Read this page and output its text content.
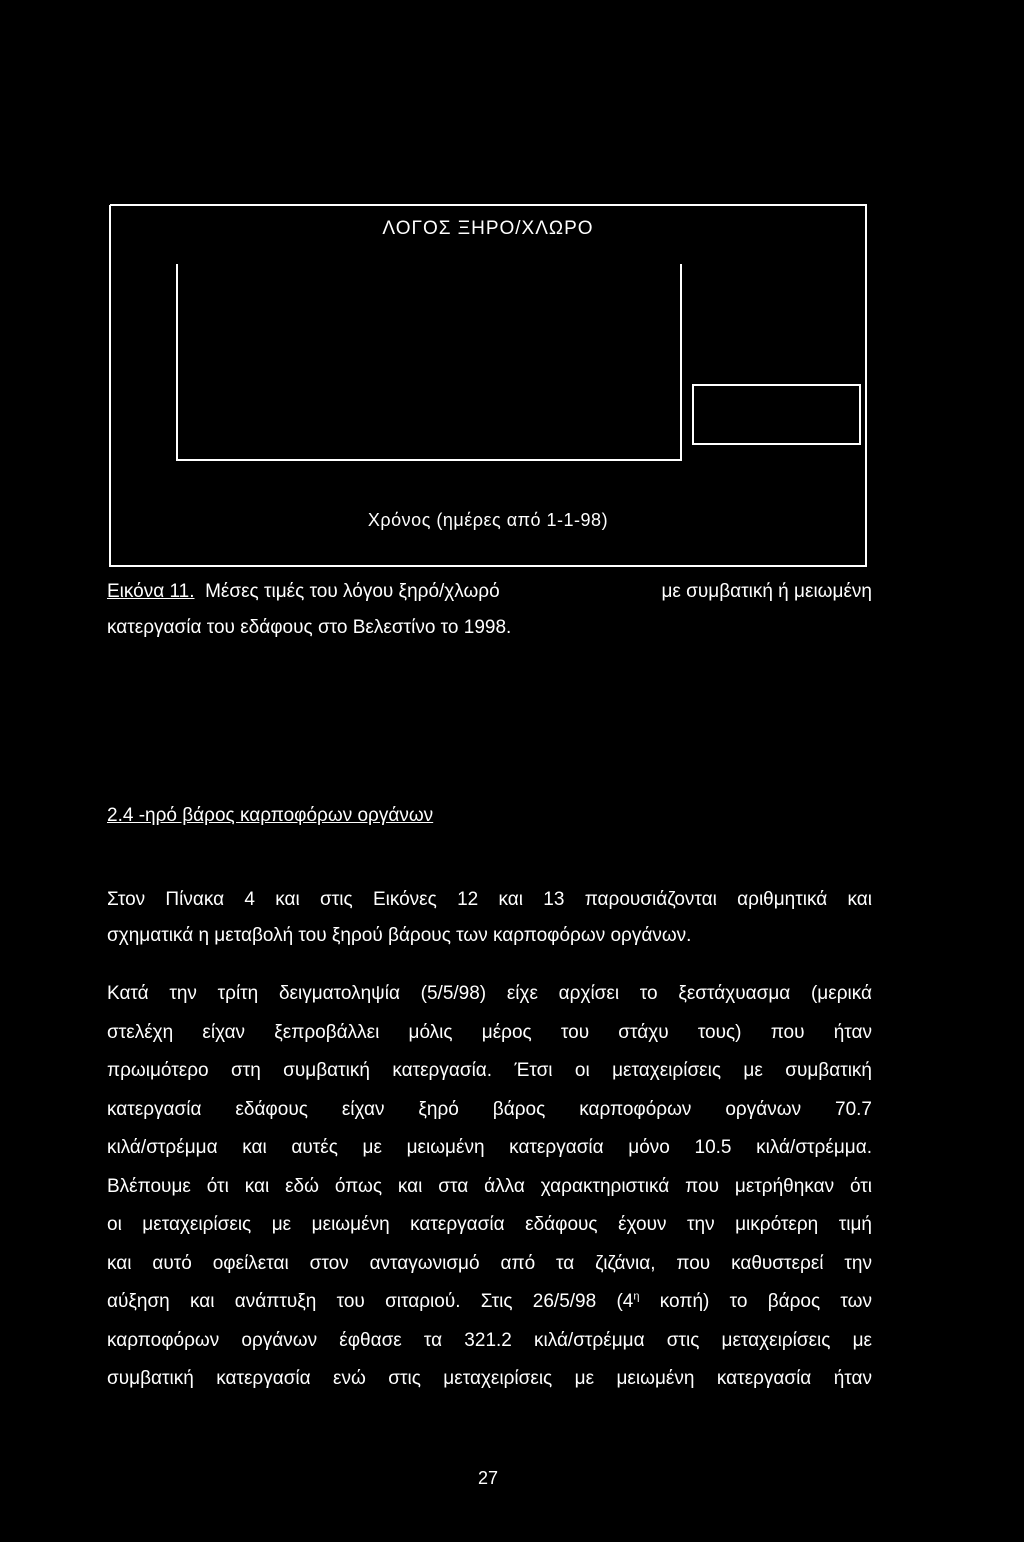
ΛΟΓΟΣ ΞΗΡΟ/ΧΛΩΡΟ
Χρόνος (ημέρες από 1-1-98)
Εικόνα 11. Μέσες τιμές του λόγου ξηρό/χλωρό	με συμβατική ή μειωμένη
κατεργασία του εδάφους στο Βελεστίνο το 1998.
2.4 -ηρό βάρος καρποφόρων οργάνων
Στον Πίνακα 4 και στις Εικόνες 12 και 13 παρουσιάζονται αριθμητικά και
σχηματικά η μεταβολή του ξηρού βάρους των καρποφόρων οργάνων.
Κατά την τρίτη δειγματοληψία (5/5/98) είχε αρχίσει το ξεστάχυασμα (μερικά
στελέχη είχαν ξεπροβάλλει μόλις μέρος του στάχυ τους) που ήταν
πρωιμότερο στη συμβατική κατεργασία. Έτσι οι μεταχειρίσεις με συμβατική
κατεργασία εδάφους είχαν ξηρό βάρος καρποφόρων οργάνων 70.7
κιλά/στρέμμα και αυτές με μειωμένη κατεργασία μόνο 10.5 κιλά/στρέμμα.
Βλέπουμε ότι και εδώ όπως και στα άλλα χαρακτηριστικά που μετρήθηκαν ότι
οι μεταχειρίσεις με μειωμένη κατεργασία εδάφους έχουν την μικρότερη τιμή
και αυτό οφείλεται στον ανταγωνισμό από τα ζιζάνια, που καθυστερεί την
αύξηση και ανάπτυξη του σιταριού. Στις 26/5/98 ($4^\eta$ κοπή) το βάρος των
καρποφόρων οργάνων έφθασε τα 321.2 κιλά/στρέμμα στις μεταχειρίσεις με
συμβατική κατεργασία ενώ στις μεταχειρίσεις με μειωμένη κατεργασία ήταν
27
